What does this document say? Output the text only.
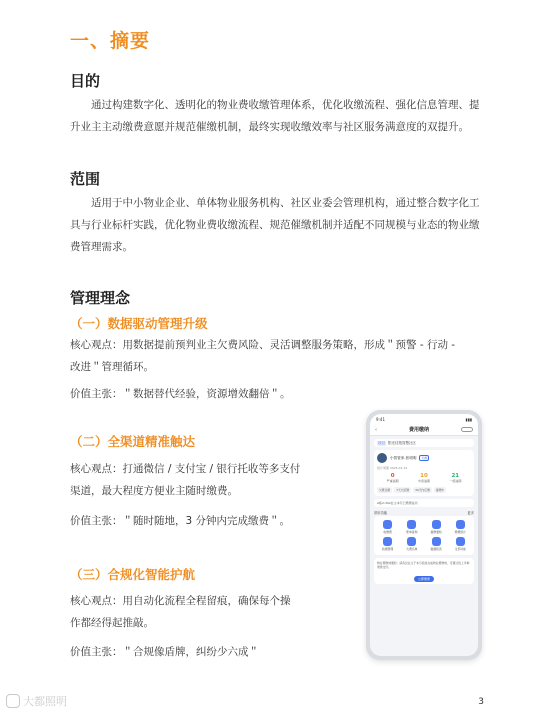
一、摘要
目的
通过构建数字化、透明化的物业费收缴管理体系，优化收缴流程、强化信息管理、提升业主主动缴费意愿并规范催缴机制，最终实现收缴效率与社区服务满意度的双提升。
范围
适用于中小物业企业、单体物业服务机构、社区业委会管理机构，通过整合数字化工具与行业标杆实践，优化物业费收缴流程、规范催缴机制并适配不同规模与业态的物业缴费管理需求。
管理理念
（一）数据驱动管理升级
核心观点：用数据提前预判业主欠费风险、灵活调整服务策略，形成＂预警 - 行动 -
改进＂管理循环。
价值主张：＂数据替代经验，资源增效翻倍＂。
（二）全渠道精准触达
核心观点：打通微信 / 支付宝 / 银行托收等多支付
渠道，最大程度方便业主随时缴费。
价值主张：＂随时随地，3 分钟内完成缴费＂。
（三）合规化智能护航
核心观点：用自动化流程全程留痕，确保每个操
作都经得起推敲。
价值主张：＂合规像盾牌，纠纷少六成＂
9:41	▮▮▮
‹	费用缴纳
项目 阳光佳苑智慧社区
小智管家-张明明	切换
统计周期 2025-01-31
0
严重逾期
10
中度逾期
21
一般逾期
欠费总额	7天内应缴	30天内应缴	催缴中
A栋2-302业主本月已缴费成功
常用功能	更多
收缴费	账单查询	催缴通知	缴费统计
收据管理	欠费名单	数据报表	全部功能
物业费缴纳通知：请各位业主于本月底前完成物业费缴纳，可通过线上多种渠道支付。
立即缴费
大都照明	3
